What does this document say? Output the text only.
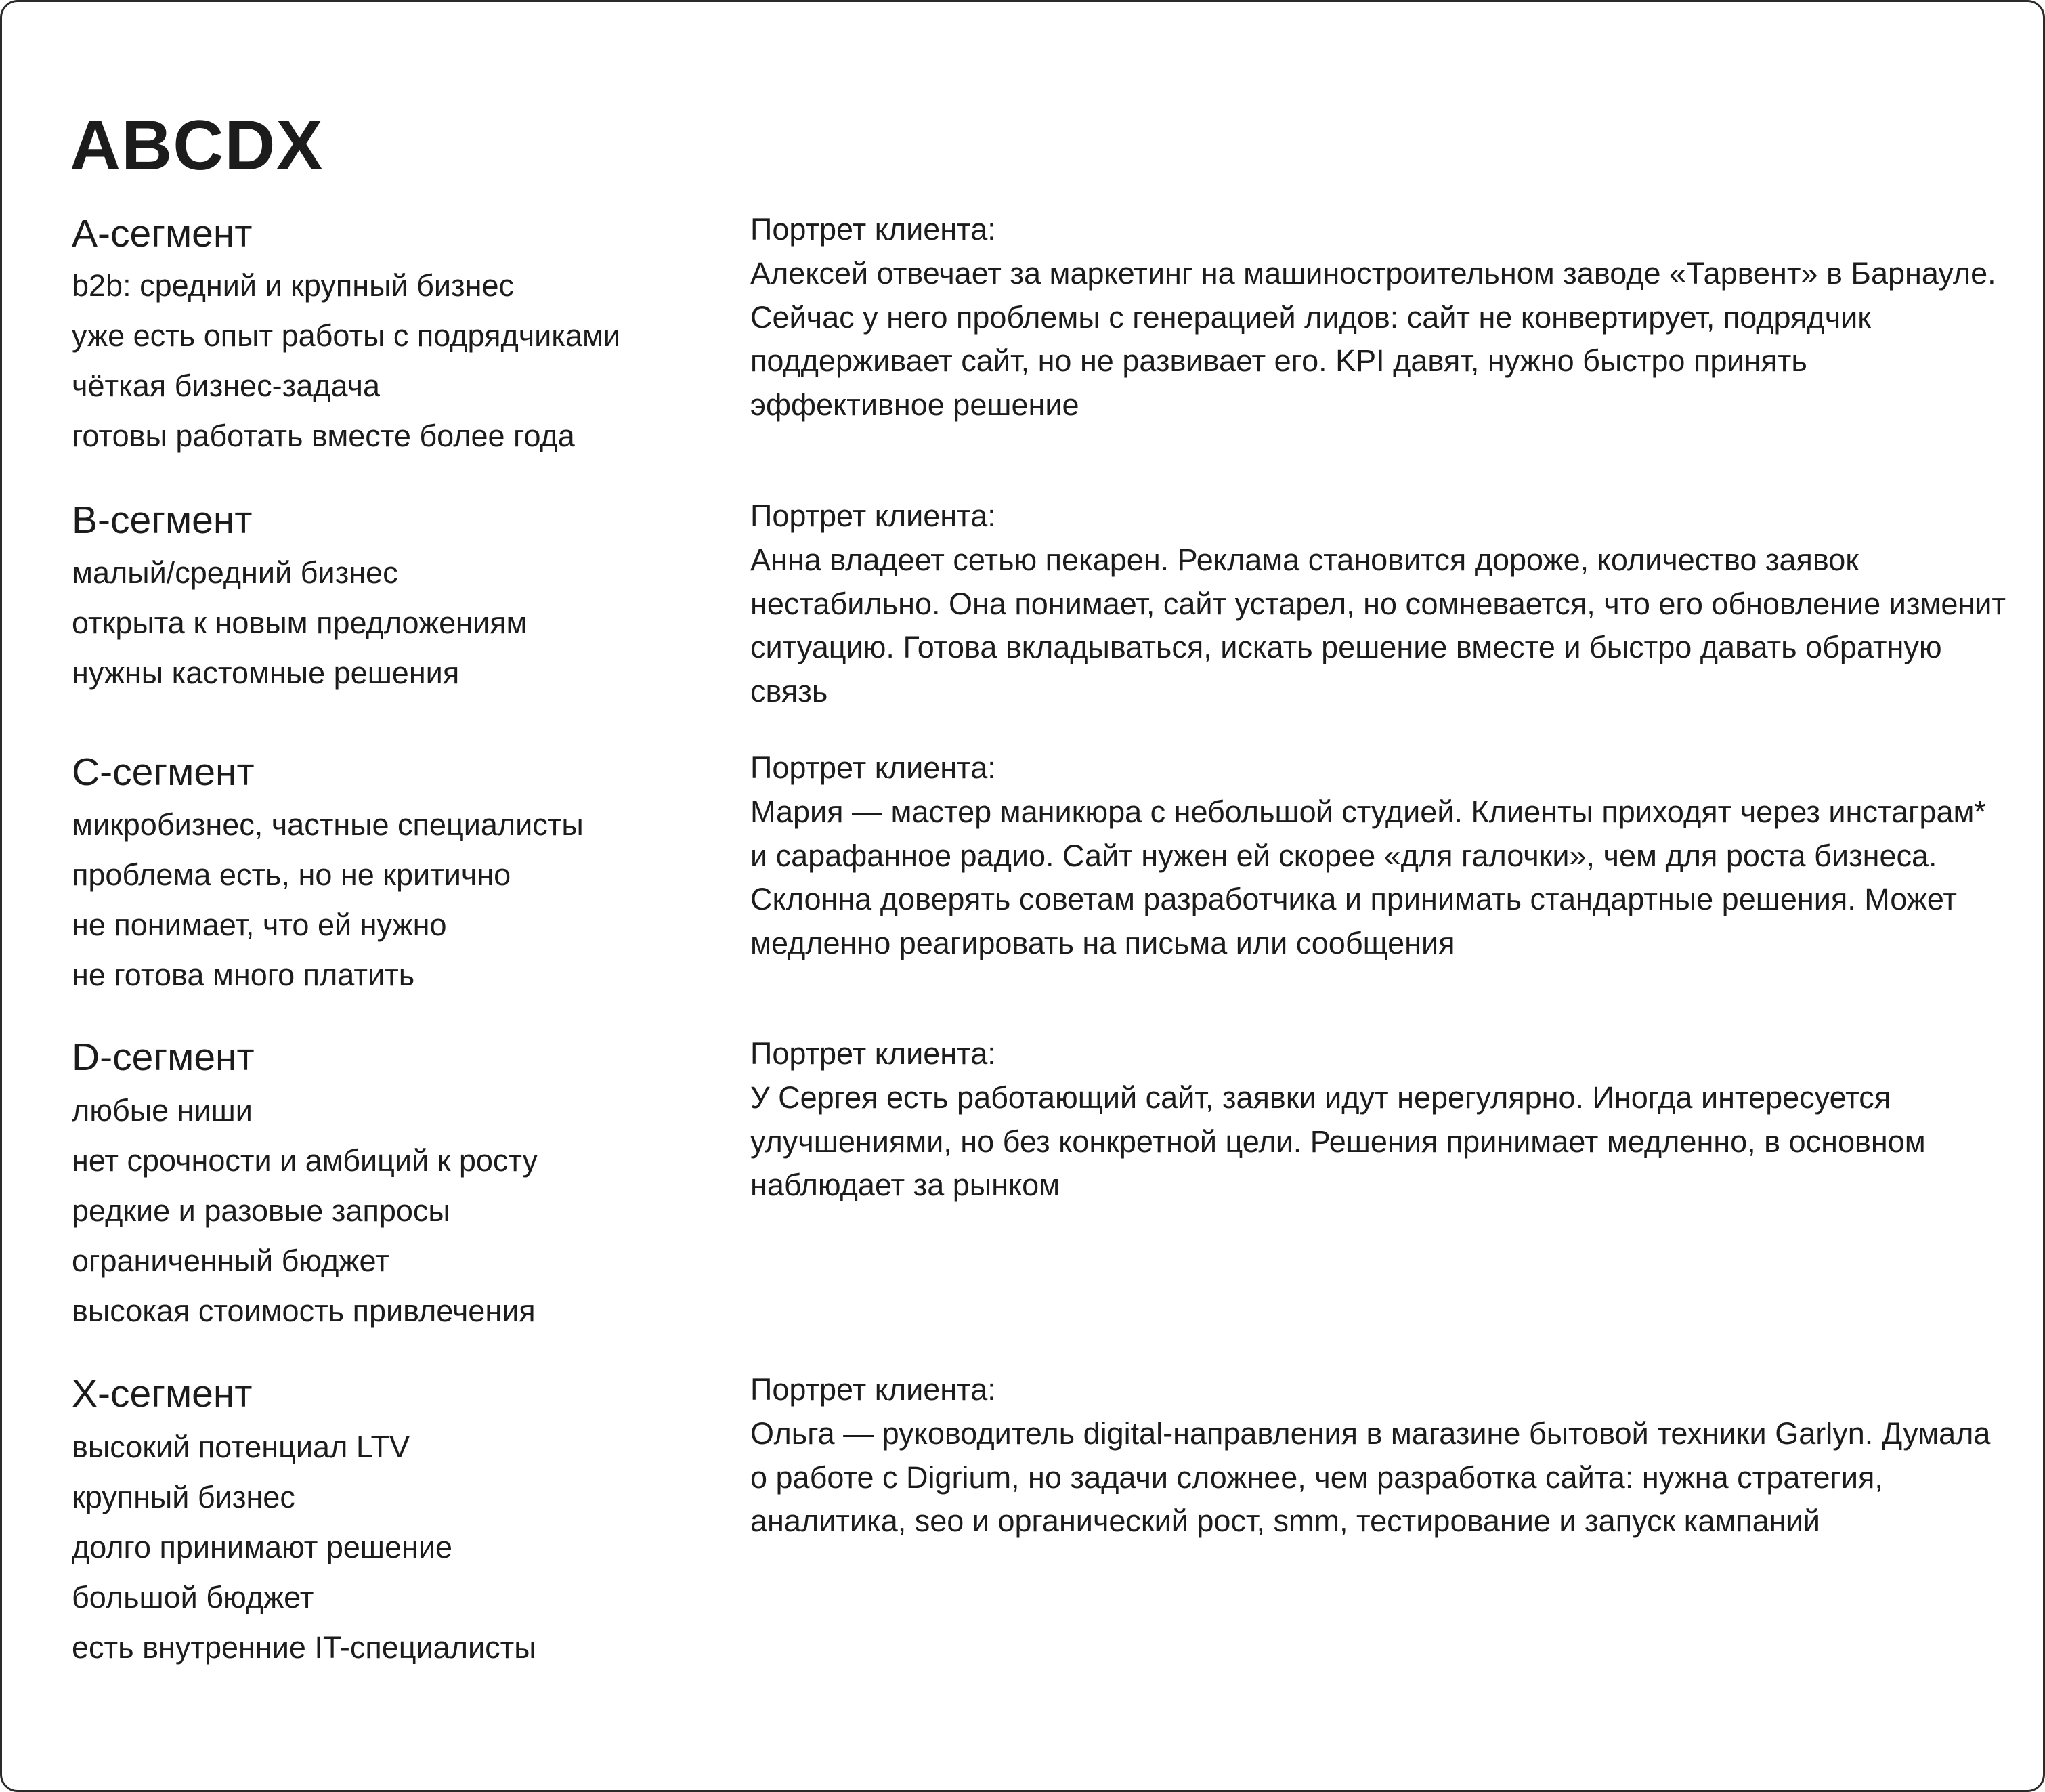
ABCDX
A-сегмент
b2b: средний и крупный бизнес
уже есть опыт работы с подрядчиками
чёткая бизнес-задача
готовы работать вместе более года
Портрет клиента:

Алексей отвечает за маркетинг на машиностроительном заводе «Тарвент» в Барнауле. Сейчас у него проблемы с генерацией лидов: сайт не конвертирует, подрядчик поддерживает сайт, но не развивает его. KPI давят, нужно быстро принять эффективное решение

B-сегмент
малый/средний бизнес
открыта к новым предложениям
нужны кастомные решения
Портрет клиента:

Анна владеет сетью пекарен. Реклама становится дороже, количество заявок нестабильно. Она понимает, сайт устарел, но сомневается, что его обновление изменит ситуацию. Готова вкладываться, искать решение вместе и быстро давать обратную связь

C-сегмент
микробизнес, частные специалисты
проблема есть, но не критично
не понимает, что ей нужно
не готова много платить
Портрет клиента:

Мария — мастер маникюра с небольшой студией. Клиенты приходят через инстаграм* и сарафанное радио. Сайт нужен ей скорее «для галочки», чем для роста бизнеса. Склонна доверять советам разработчика и принимать стандартные решения. Может медленно реагировать на письма или сообщения

D-сегмент
любые ниши
нет срочности и амбиций к росту
редкие и разовые запросы
ограниченный бюджет
высокая стоимость привлечения
Портрет клиента:

У Сергея есть работающий сайт, заявки идут нерегулярно. Иногда интересуется улучшениями, но без конкретной цели. Решения принимает медленно, в основном наблюдает за рынком

X-сегмент
высокий потенциал LTV
крупный бизнес
долго принимают решение
большой бюджет
есть внутренние IT-специалисты
Портрет клиента:

Ольга — руководитель digital-направления в магазине бытовой техники Garlyn. Думала о работе с Digrium, но задачи сложнее, чем разработка сайта: нужна стратегия, аналитика, seo и органический рост, smm, тестирование и запуск кампаний
